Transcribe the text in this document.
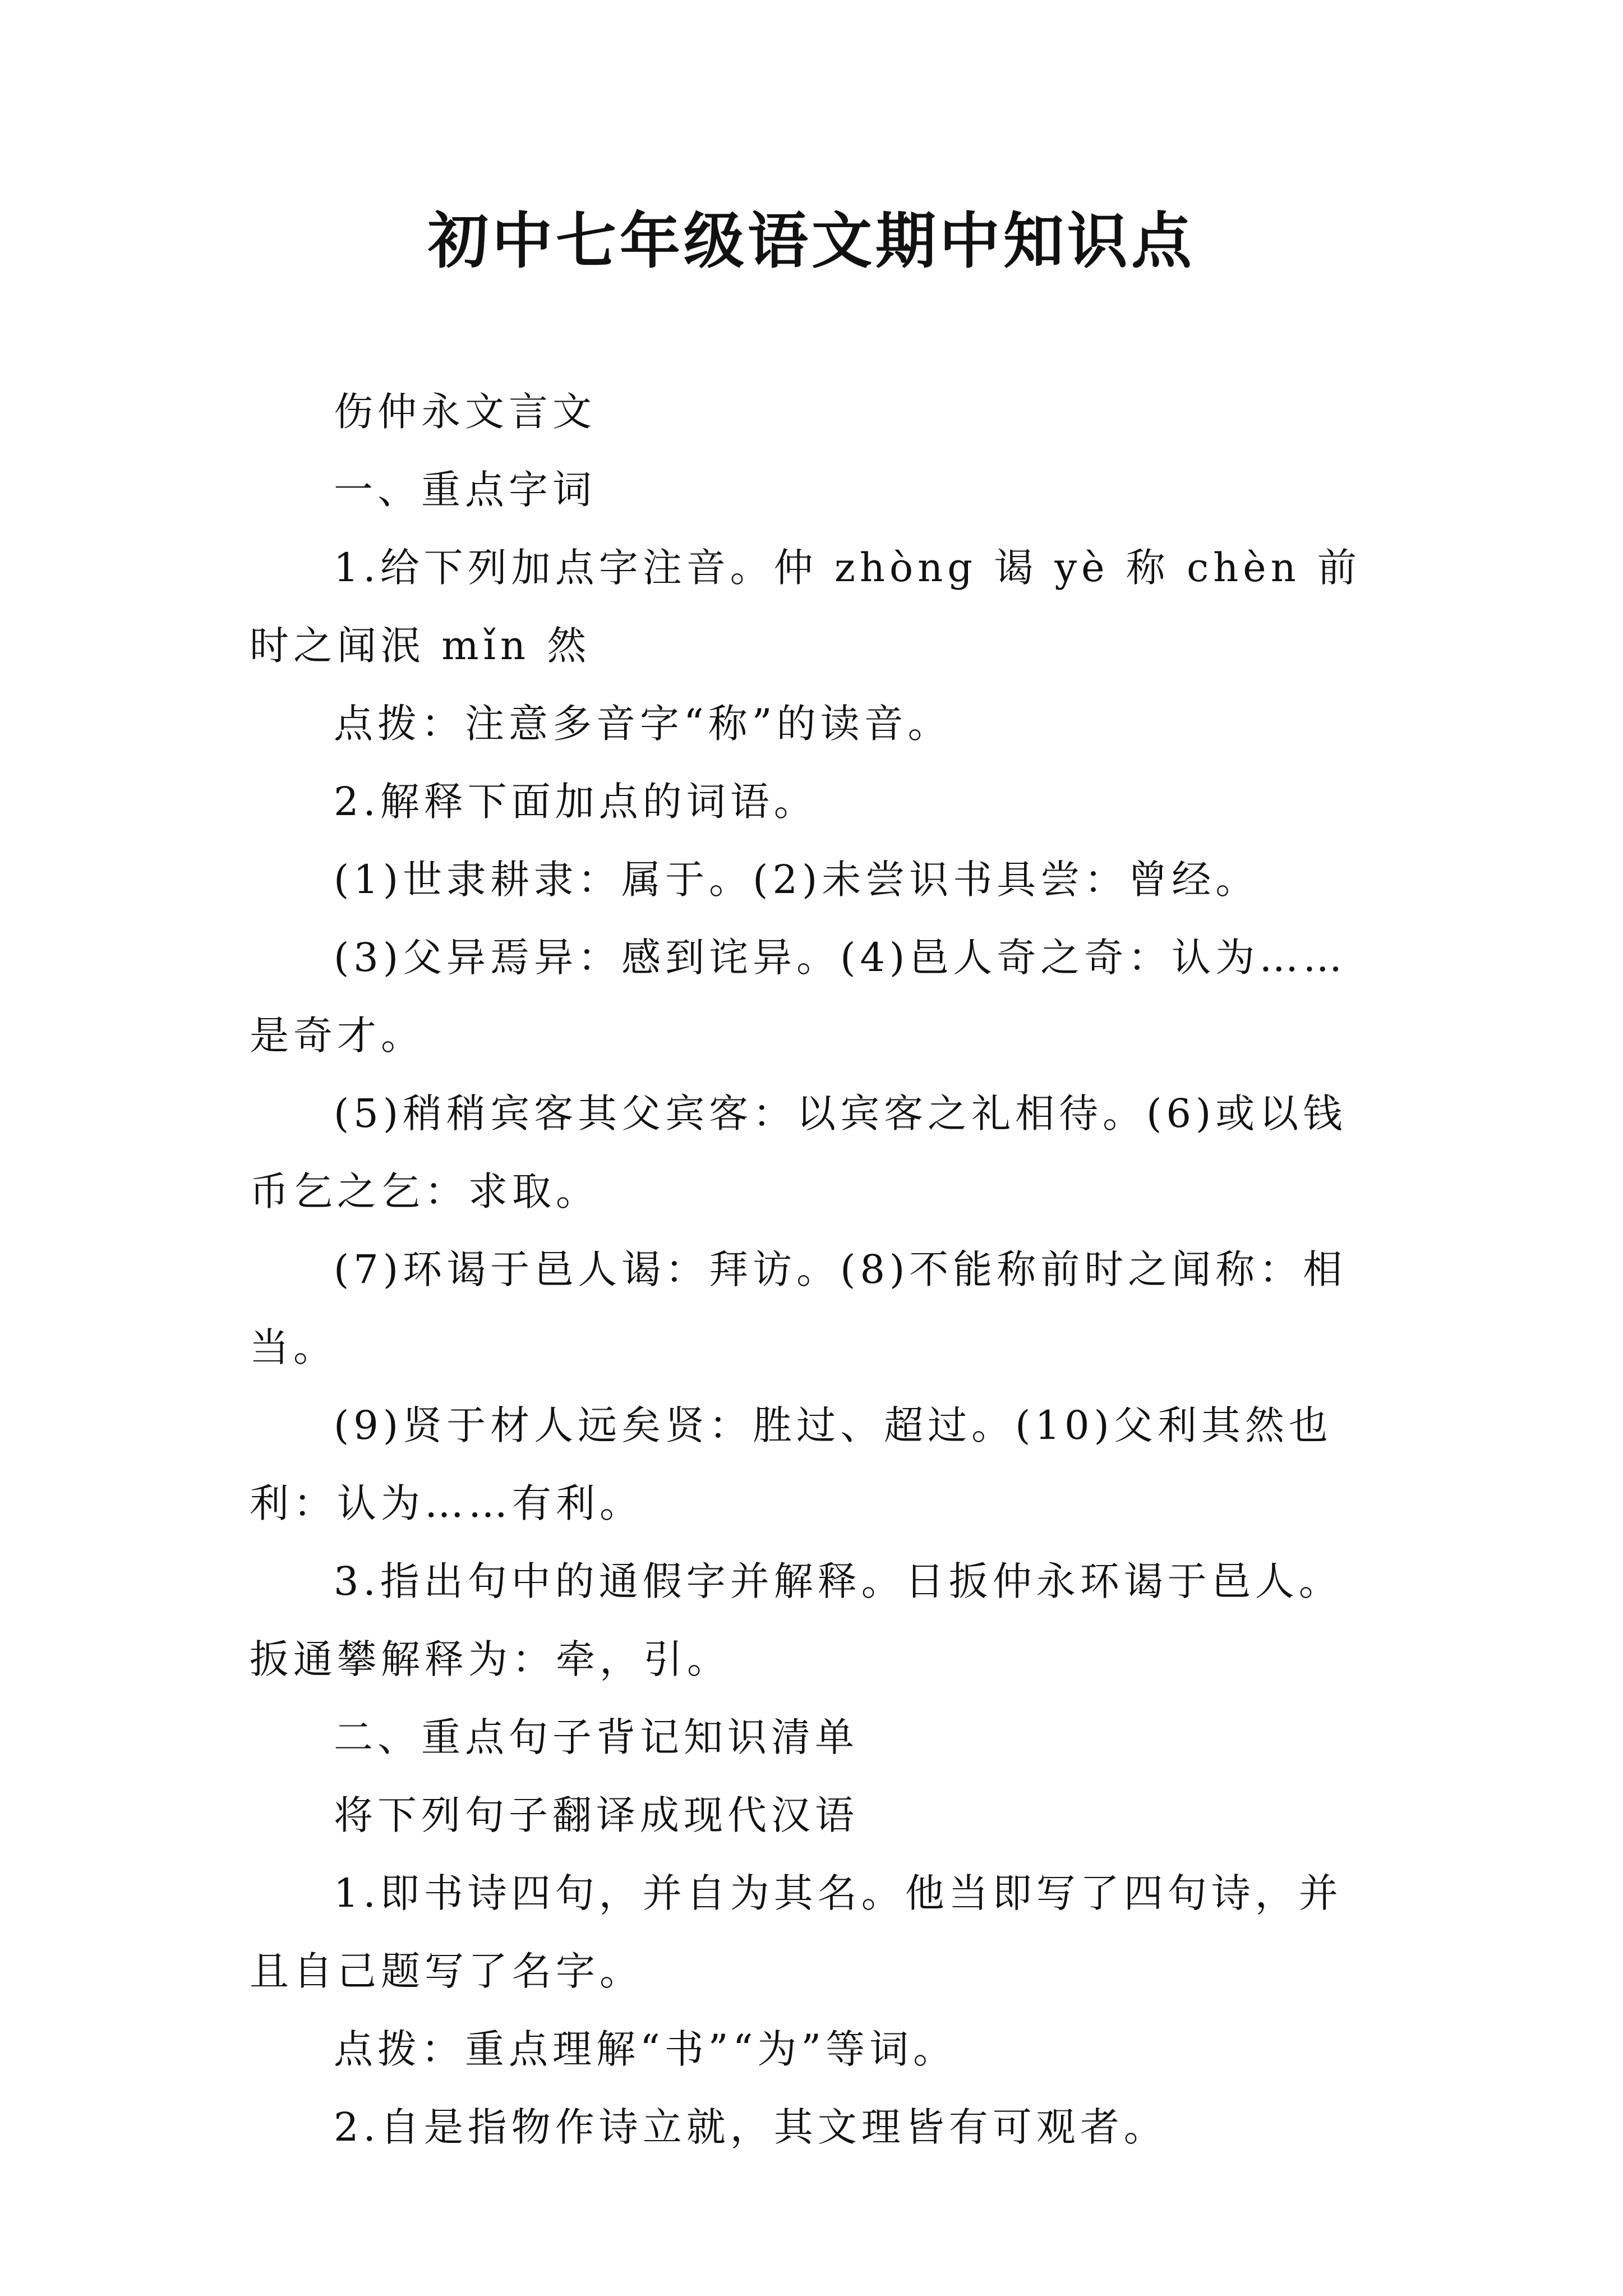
初中七年级语文期中知识点

伤仲永文言文

一、重点字词

1.给下列加点字注音。仲 zhòng 谒 yè 称 chèn 前时之闻泯 mǐn 然

点拨：注意多音字“称”的读音。

2.解释下面加点的词语。

(1)世隶耕隶：属于。(2)未尝识书具尝：曾经。

(3)父异焉异：感到诧异。(4)邑人奇之奇：认为……是奇才。

(5)稍稍宾客其父宾客：以宾客之礼相待。(6)或以钱币乞之乞：求取。

(7)环谒于邑人谒：拜访。(8)不能称前时之闻称：相当。

(9)贤于材人远矣贤：胜过、超过。(10)父利其然也利：认为……有利。

3.指出句中的通假字并解释。日扳仲永环谒于邑人。扳通攀解释为：牵，引。

二、重点句子背记知识清单

将下列句子翻译成现代汉语

1.即书诗四句，并自为其名。他当即写了四句诗，并且自己题写了名字。

点拨：重点理解“书”“为”等词。

2.自是指物作诗立就，其文理皆有可观者。
